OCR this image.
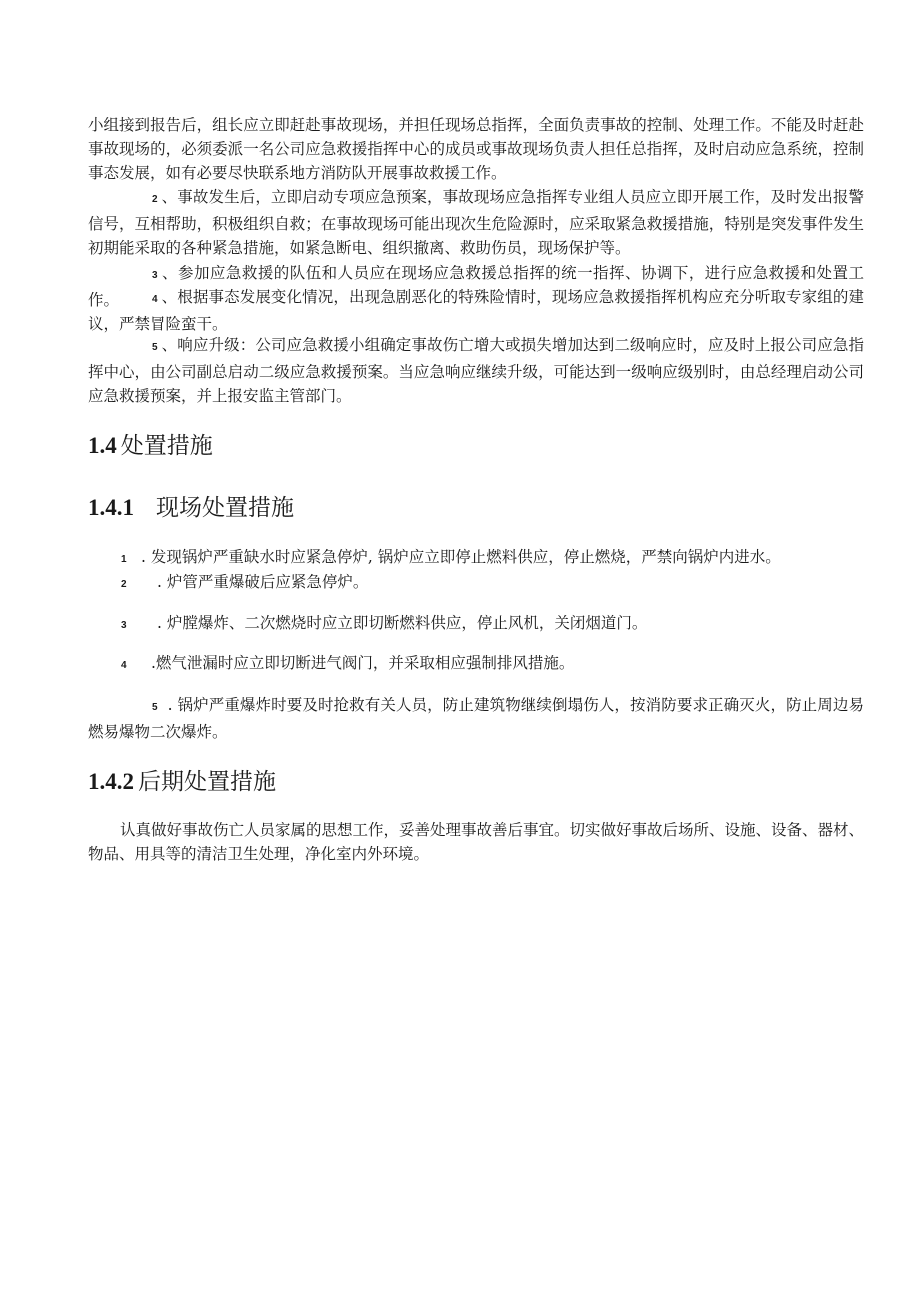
小组接到报告后，组长应立即赶赴事故现场，并担任现场总指挥，全面负责事故的控制、处理工作。不能及时赶赴事故现场的，必须委派一名公司应急救援指挥中心的成员或事故现场负责人担任总指挥，及时启动应急系统，控制事态发展，如有必要尽快联系地方消防队开展事故救援工作。

2 、事故发生后，立即启动专项应急预案，事故现场应急指挥专业组人员应立即开展工作，及时发出报警信号，互相帮助，积极组织自救；在事故现场可能出现次生危险源时，应采取紧急救援措施，特别是突发事件发生初期能采取的各种紧急措施，如紧急断电、组织撤离、救助伤员，现场保护等。

3 、参加应急救援的队伍和人员应在现场应急救援总指挥的统一指挥、协调下，进行应急救援和处置工作。	4 、根据事态发展变化情况，出现急剧恶化的特殊险情时，现场应急救援指挥机构应充分听取专家组的建议，严禁冒险蛮干。

5 、响应升级：公司应急救援小组确定事故伤亡增大或损失增加达到二级响应时，应及时上报公司应急指挥中心，由公司副总启动二级应急救援预案。当应急响应继续升级，可能达到一级响应级别时，由总经理启动公司应急救援预案，并上报安监主管部门。

1.4 处置措施
1.4.1 现场处置措施

1 . 发现锅炉严重缺水时应紧急停炉, 锅炉应立即停止燃料供应，停止燃烧，严禁向锅炉内进水。

2 . 炉管严重爆破后应紧急停炉。

3 . 炉膛爆炸、二次燃烧时应立即切断燃料供应，停止风机，关闭烟道门。

4 .燃气泄漏时应立即切断进气阀门，并采取相应强制排风措施。

5 . 锅炉严重爆炸时要及时抢救有关人员，防止建筑物继续倒塌伤人，按消防要求正确灭火，防止周边易燃易爆物二次爆炸。

1.4.2 后期处置措施

认真做好事故伤亡人员家属的思想工作，妥善处理事故善后事宜。切实做好事故后场所、设施、设备、器材、物品、用具等的清洁卫生处理，净化室内外环境。
